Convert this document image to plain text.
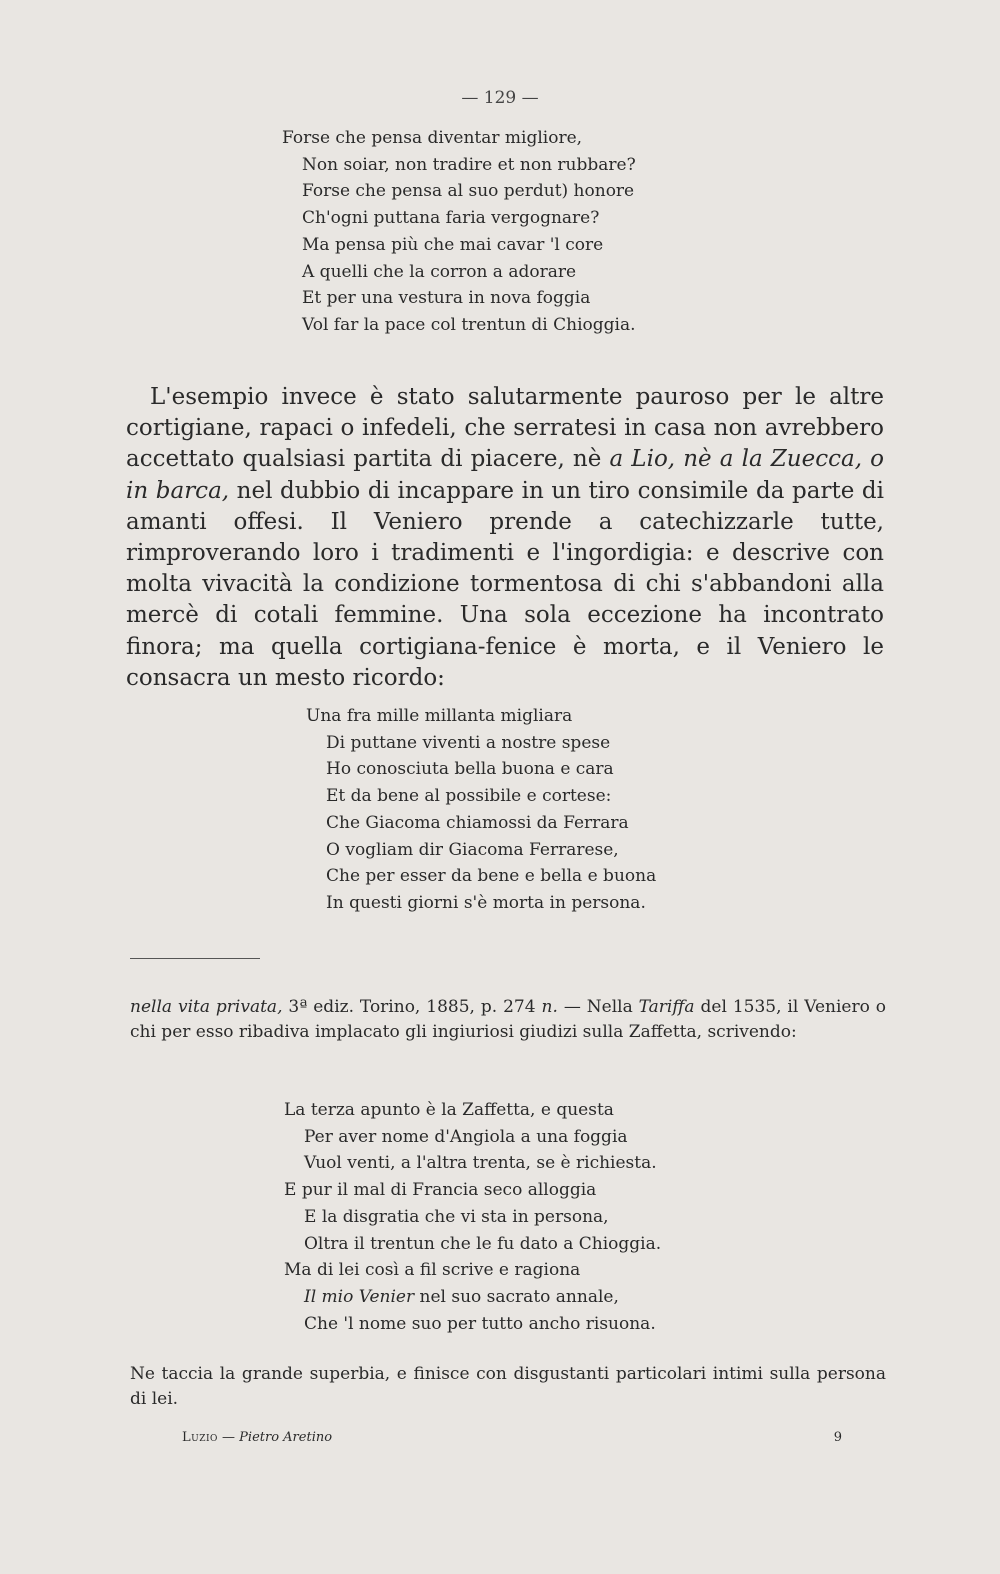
— 129 —
Forse che pensa diventar migliore,
Non soiar, non tradire et non rubbare?
Forse che pensa al suo perdut) honore
Ch'ogni puttana faria vergognare?
Ma pensa più che mai cavar 'l core
A quelli che la corron a adorare
Et per una vestura in nova foggia
Vol far la pace col trentun di Chioggia.
L'esempio invece è stato salutarmente pauroso per le altre cortigiane, rapaci o infedeli, che serratesi in casa non avrebbero accettato qualsiasi partita di piacere, nè a Lio, nè a la Zuecca, o in barca, nel dubbio di incappare in un tiro consimile da parte di amanti offesi. Il Veniero prende a catechizzarle tutte, rimproverando loro i tradimenti e l'ingordigia: e descrive con molta vivacità la condizione tormentosa di chi s'abbandoni alla mercè di cotali femmine. Una sola eccezione ha incontrato finora; ma quella cortigiana-fenice è morta, e il Veniero le consacra un mesto ricordo:
Una fra mille millanta migliara
Di puttane viventi a nostre spese
Ho conosciuta bella buona e cara
Et da bene al possibile e cortese:
Che Giacoma chiamossi da Ferrara
O vogliam dir Giacoma Ferrarese,
Che per esser da bene e bella e buona
In questi giorni s'è morta in persona.
nella vita privata, 3ª ediz. Torino, 1885, p. 274 n. — Nella Tariffa del 1535, il Veniero o chi per esso ribadiva implacato gli ingiuriosi giudizi sulla Zaffetta, scrivendo:
La terza apunto è la Zaffetta, e questa
Per aver nome d'Angiola a una foggia
Vuol venti, a l'altra trenta, se è richiesta.
E pur il mal di Francia seco alloggia
E la disgratia che vi sta in persona,
Oltra il trentun che le fu dato a Chioggia.
Ma di lei così a fil scrive e ragiona
Il mio Venier nel suo sacrato annale,
Che 'l nome suo per tutto ancho risuona.
Ne taccia la grande superbia, e finisce con disgustanti particolari intimi sulla persona di lei.
Luzio — Pietro Aretino	9
